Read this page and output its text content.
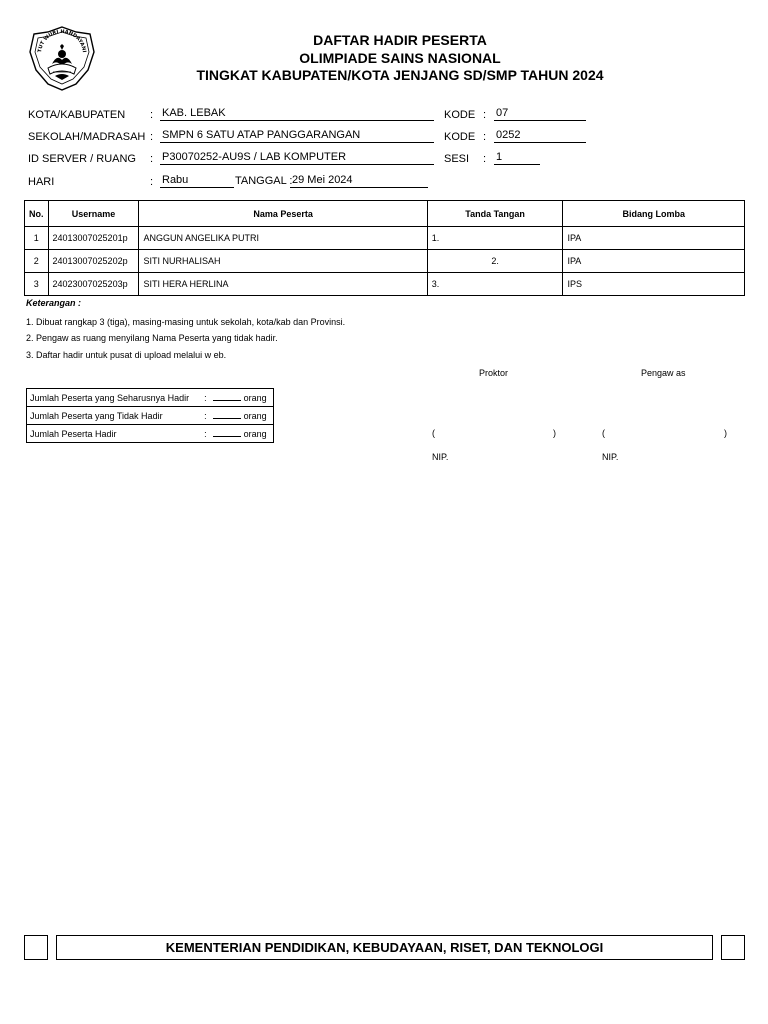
TUT WURI HANDAYANI
DAFTAR HADIR PESERTA
OLIMPIADE SAINS NASIONAL
TINGKAT KABUPATEN/KOTA JENJANG SD/SMP TAHUN 2024
KOTA/KABUPATEN : KAB. LEBAK
SEKOLAH/MADRASAH : SMPN 6 SATU ATAP PANGGARANGAN
ID SERVER / RUANG : P30070252-AU9S / LAB KOMPUTER
HARI	: Rabu	TANGGAL : 29 Mei 2024
KODE : 07
KODE : 0252
SESI : 1
No.	Username	Nama Peserta	Tanda Tangan	Bidang Lomba
1	24013007025201p	ANGGUN ANGELIKA PUTRI	1.	IPA
2	24013007025202p	SITI NURHALISAH	2.	IPA
3	24023007025203p	SITI HERA HERLINA	3.	IPS
Keterangan :
1. Dibuat rangkap 3 (tiga), masing-masing untuk sekolah, kota/kab dan Provinsi.
2. Pengaw as ruang menyilang Nama Peserta yang tidak hadir.
3. Daftar hadir untuk pusat di upload melalui w eb.
Proktor	Pengaw as
(	)	(	)
NIP.	NIP.
Jumlah Peserta yang Seharusnya Hadir	:	orang
Jumlah Peserta yang Tidak Hadir	:	orang
Jumlah Peserta Hadir	:	orang
KEMENTERIAN PENDIDIKAN, KEBUDAYAAN, RISET, DAN TEKNOLOGI
